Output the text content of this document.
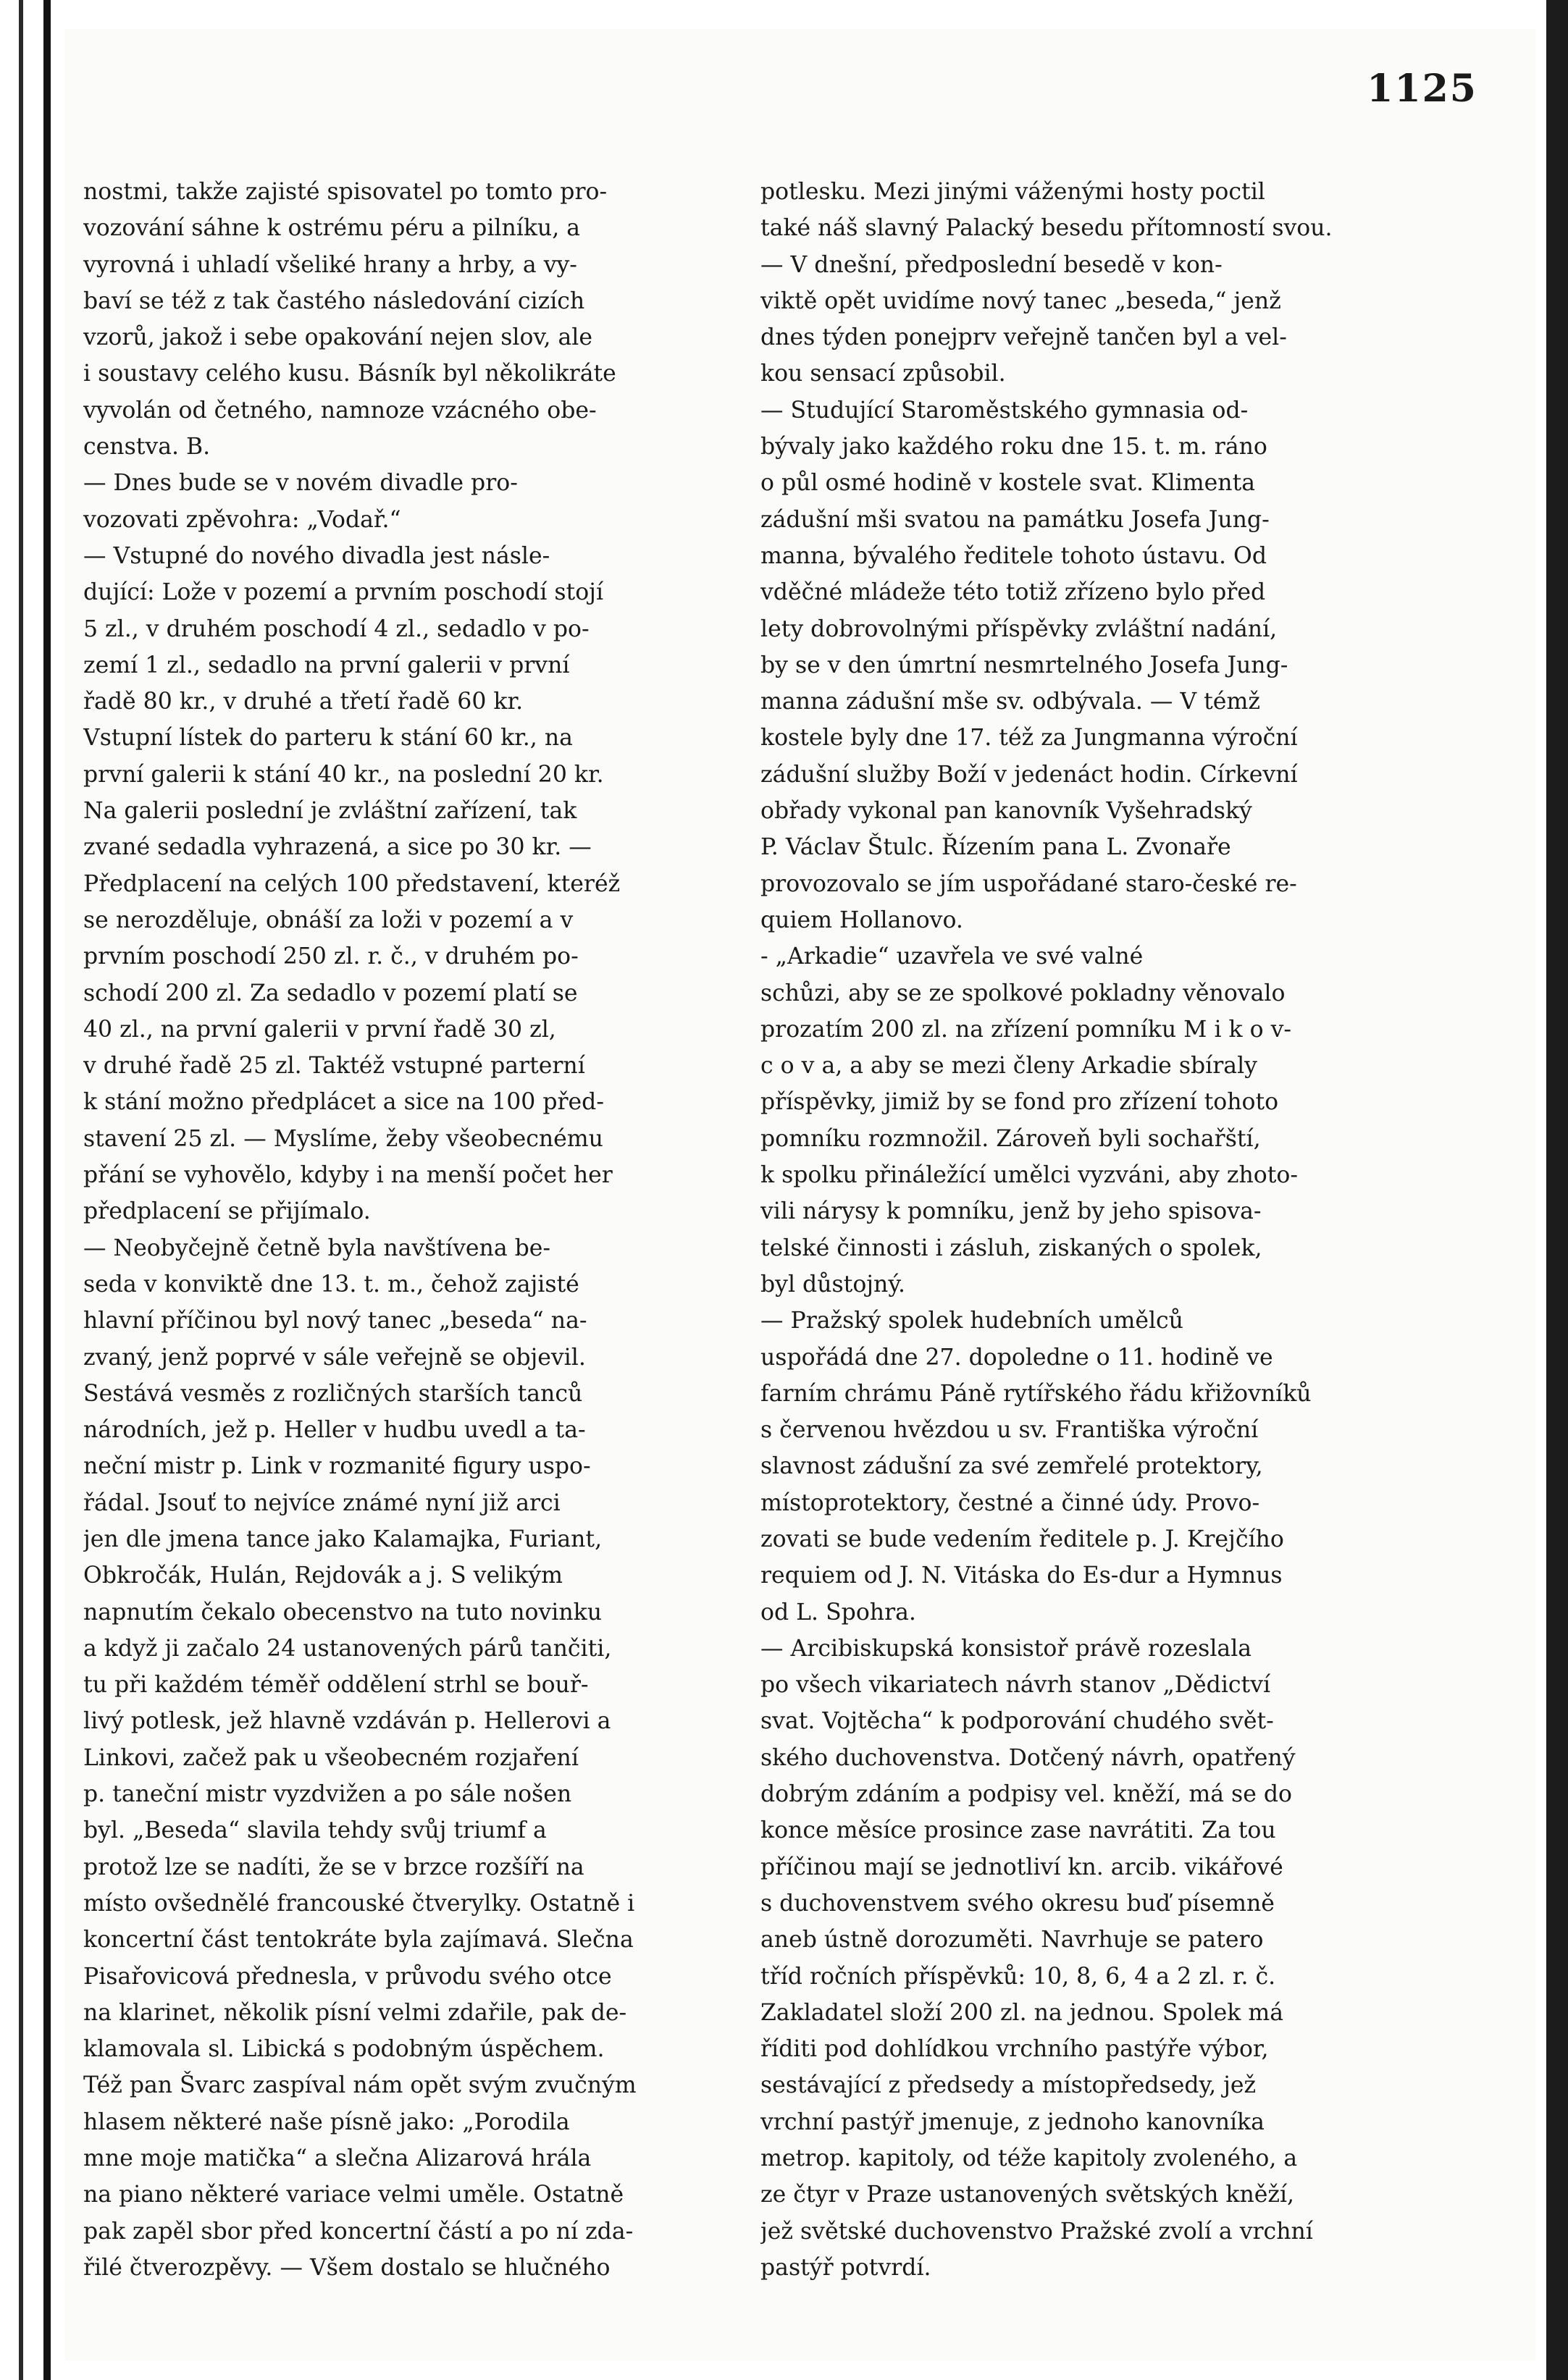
1125
nostmi, takže zajisté spisovatel po tomto pro-
vozování sáhne k ostrému péru a pilníku, a
vyrovná i uhladí všeliké hrany a hrby, a vy-
baví se též z tak častého následování cizích
vzorů, jakož i sebe opakování nejen slov, ale
i soustavy celého kusu. Básník byl několikráte
vyvolán od četného, namnoze vzácného obe-
censtva. B.
— Dnes bude se v novém divadle pro-
vozovati zpěvohra: „Vodař.“
— Vstupné do nového divadla jest násle-
dující: Lože v pozemí a prvním poschodí stojí
5 zl., v druhém poschodí 4 zl., sedadlo v po-
zemí 1 zl., sedadlo na první galerii v první
řadě 80 kr., v druhé a třetí řadě 60 kr.
Vstupní lístek do parteru k stání 60 kr., na
první galerii k stání 40 kr., na poslední 20 kr.
Na galerii poslední je zvláštní zařízení, tak
zvané sedadla vyhrazená, a sice po 30 kr. —
Předplacení na celých 100 představení, kteréž
se nerozděluje, obnáší za loži v pozemí a v
prvním poschodí 250 zl. r. č., v druhém po-
schodí 200 zl. Za sedadlo v pozemí platí se
40 zl., na první galerii v první řadě 30 zl,
v druhé řadě 25 zl. Taktéž vstupné parterní
k stání možno předplácet a sice na 100 před-
stavení 25 zl. — Myslíme, žeby všeobecnému
přání se vyhovělo, kdyby i na menší počet her
předplacení se přijímalo.
— Neobyčejně četně byla navštívena be-
seda v konviktě dne 13. t. m., čehož zajisté
hlavní příčinou byl nový tanec „beseda“ na-
zvaný, jenž poprvé v sále veřejně se objevil.
Sestává vesměs z rozličných starších tanců
národních, jež p. Heller v hudbu uvedl a ta-
neční mistr p. Link v rozmanité figury uspo-
řádal. Jsouť to nejvíce známé nyní již arci
jen dle jmena tance jako Kalamajka, Furiant,
Obkročák, Hulán, Rejdovák a j. S velikým
napnutím čekalo obecenstvo na tuto novinku
a když ji začalo 24 ustanovených párů tančiti,
tu při každém téměř oddělení strhl se bouř-
livý potlesk, jež hlavně vzdáván p. Hellerovi a
Linkovi, začež pak u všeobecném rozjaření
p. taneční mistr vyzdvižen a po sále nošen
byl. „Beseda“ slavila tehdy svůj triumf a
protož lze se nadíti, že se v brzce rozšíří na
místo ovšednělé francouské čtverylky. Ostatně i
koncertní část tentokráte byla zajímavá. Slečna
Pisařovicová přednesla, v průvodu svého otce
na klarinet, několik písní velmi zdařile, pak de-
klamovala sl. Libická s podobným úspěchem.
Též pan Švarc zaspíval nám opět svým zvučným
hlasem některé naše písně jako: „Porodila
mne moje matička“ a slečna Alizarová hrála
na piano některé variace velmi uměle. Ostatně
pak zapěl sbor před koncertní částí a po ní zda-
řilé čtverozpěvy. — Všem dostalo se hlučného
potlesku. Mezi jinými váženými hosty poctil
také náš slavný Palacký besedu přítomností svou.
— V dnešní, předposlední besedě v kon-
viktě opět uvidíme nový tanec „beseda,“ jenž
dnes týden ponejprv veřejně tančen byl a vel-
kou sensací způsobil.
— Studující Staroměstského gymnasia od-
bývaly jako každého roku dne 15. t. m. ráno
o půl osmé hodině v kostele svat. Klimenta
zádušní mši svatou na památku Josefa Jung-
manna, bývalého ředitele tohoto ústavu. Od
vděčné mládeže této totiž zřízeno bylo před
lety dobrovolnými příspěvky zvláštní nadání,
by se v den úmrtní nesmrtelného Josefa Jung-
manna zádušní mše sv. odbývala. — V témž
kostele byly dne 17. též za Jungmanna výroční
zádušní služby Boží v jedenáct hodin. Církevní
obřady vykonal pan kanovník Vyšehradský
P. Václav Štulc. Řízením pana L. Zvonaře
provozovalo se jím uspořádané staro-české re-
quiem Hollanovo.
- „Arkadie“ uzavřela ve své valné
schůzi, aby se ze spolkové pokladny věnovalo
prozatím 200 zl. na zřízení pomníku M i k o v-
c o v a, a aby se mezi členy Arkadie sbíraly
příspěvky, jimiž by se fond pro zřízení tohoto
pomníku rozmnožil. Zároveň byli sochařští,
k spolku přináležící umělci vyzváni, aby zhoto-
vili nárysy k pomníku, jenž by jeho spisova-
telské činnosti i zásluh, ziskaných o spolek,
byl důstojný.
— Pražský spolek hudebních umělců
uspořádá dne 27. dopoledne o 11. hodině ve
farním chrámu Páně rytířského řádu křižovníků
s červenou hvězdou u sv. Františka výroční
slavnost zádušní za své zemřelé protektory,
místoprotektory, čestné a činné údy. Provo-
zovati se bude vedením ředitele p. J. Krejčího
requiem od J. N. Vitáska do Es-dur a Hymnus
od L. Spohra.
— Arcibiskupská konsistoř právě rozeslala
po všech vikariatech návrh stanov „Dědictví
svat. Vojtěcha“ k podporování chudého svět-
ského duchovenstva. Dotčený návrh, opatřený
dobrým zdáním a podpisy vel. kněží, má se do
konce měsíce prosince zase navrátiti. Za tou
příčinou mají se jednotliví kn. arcib. vikářové
s duchovenstvem svého okresu buď písemně
aneb ústně dorozuměti. Navrhuje se patero
tříd ročních příspěvků: 10, 8, 6, 4 a 2 zl. r. č.
Zakladatel složí 200 zl. na jednou. Spolek má
říditi pod dohlídkou vrchního pastýře výbor,
sestávající z předsedy a místopředsedy, jež
vrchní pastýř jmenuje, z jednoho kanovníka
metrop. kapitoly, od téže kapitoly zvoleného, a
ze čtyr v Praze ustanovených světských kněží,
jež světské duchovenstvo Pražské zvolí a vrchní
pastýř potvrdí.
